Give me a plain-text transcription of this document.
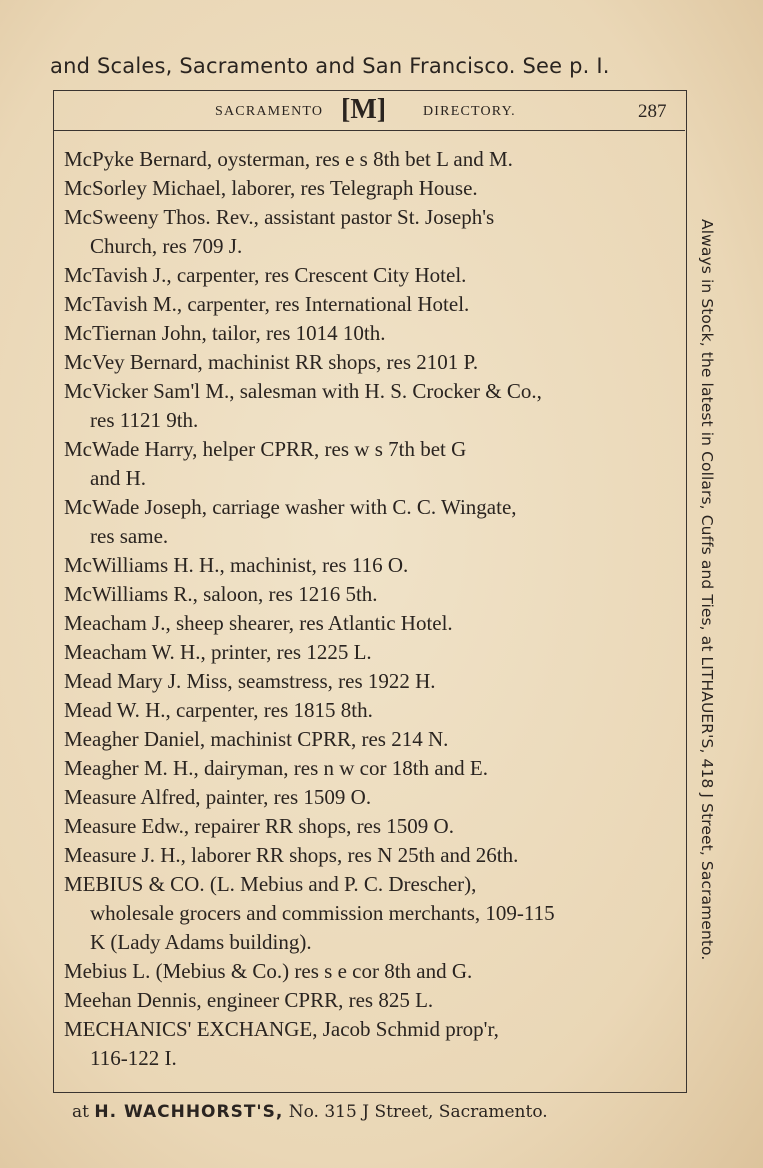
and Scales, Sacramento and San Francisco. See p. I.
SACRAMENTO [M]	DIRECTORY.	287
McPyke Bernard, oysterman, res e s 8th bet L and M.
McSorley Michael, laborer, res Telegraph House.
McSweeny Thos. Rev., assistant pastor St. Joseph's
Church, res 709 J.
McTavish J., carpenter, res Crescent City Hotel.
McTavish M., carpenter, res International Hotel.
McTiernan John, tailor, res 1014 10th.
McVey Bernard, machinist RR shops, res 2101 P.
McVicker Sam'l M., salesman with H. S. Crocker & Co.,
res 1121 9th.
McWade Harry, helper CPRR, res w s 7th bet G
and H.
McWade Joseph, carriage washer with C. C. Wingate,
res same.
McWilliams H. H., machinist, res 116 O.
McWilliams R., saloon, res 1216 5th.
Meacham J., sheep shearer, res Atlantic Hotel.
Meacham W. H., printer, res 1225 L.
Mead Mary J. Miss, seamstress, res 1922 H.
Mead W. H., carpenter, res 1815 8th.
Meagher Daniel, machinist CPRR, res 214 N.
Meagher M. H., dairyman, res n w cor 18th and E.
Measure Alfred, painter, res 1509 O.
Measure Edw., repairer RR shops, res 1509 O.
Measure J. H., laborer RR shops, res N 25th and 26th.
MEBIUS & CO. (L. Mebius and P. C. Drescher),
wholesale grocers and commission merchants, 109-115
K (Lady Adams building).
Mebius L. (Mebius & Co.) res s e cor 8th and G.
Meehan Dennis, engineer CPRR, res 825 L.
MECHANICS' EXCHANGE, Jacob Schmid prop'r,
116-122 I.
Always in Stock, the latest in Collars, Cuffs and Ties, at LITHAUER'S, 418 J Street, Sacramento.
at H. WACHHORST'S, No. 315 J Street, Sacramento.
